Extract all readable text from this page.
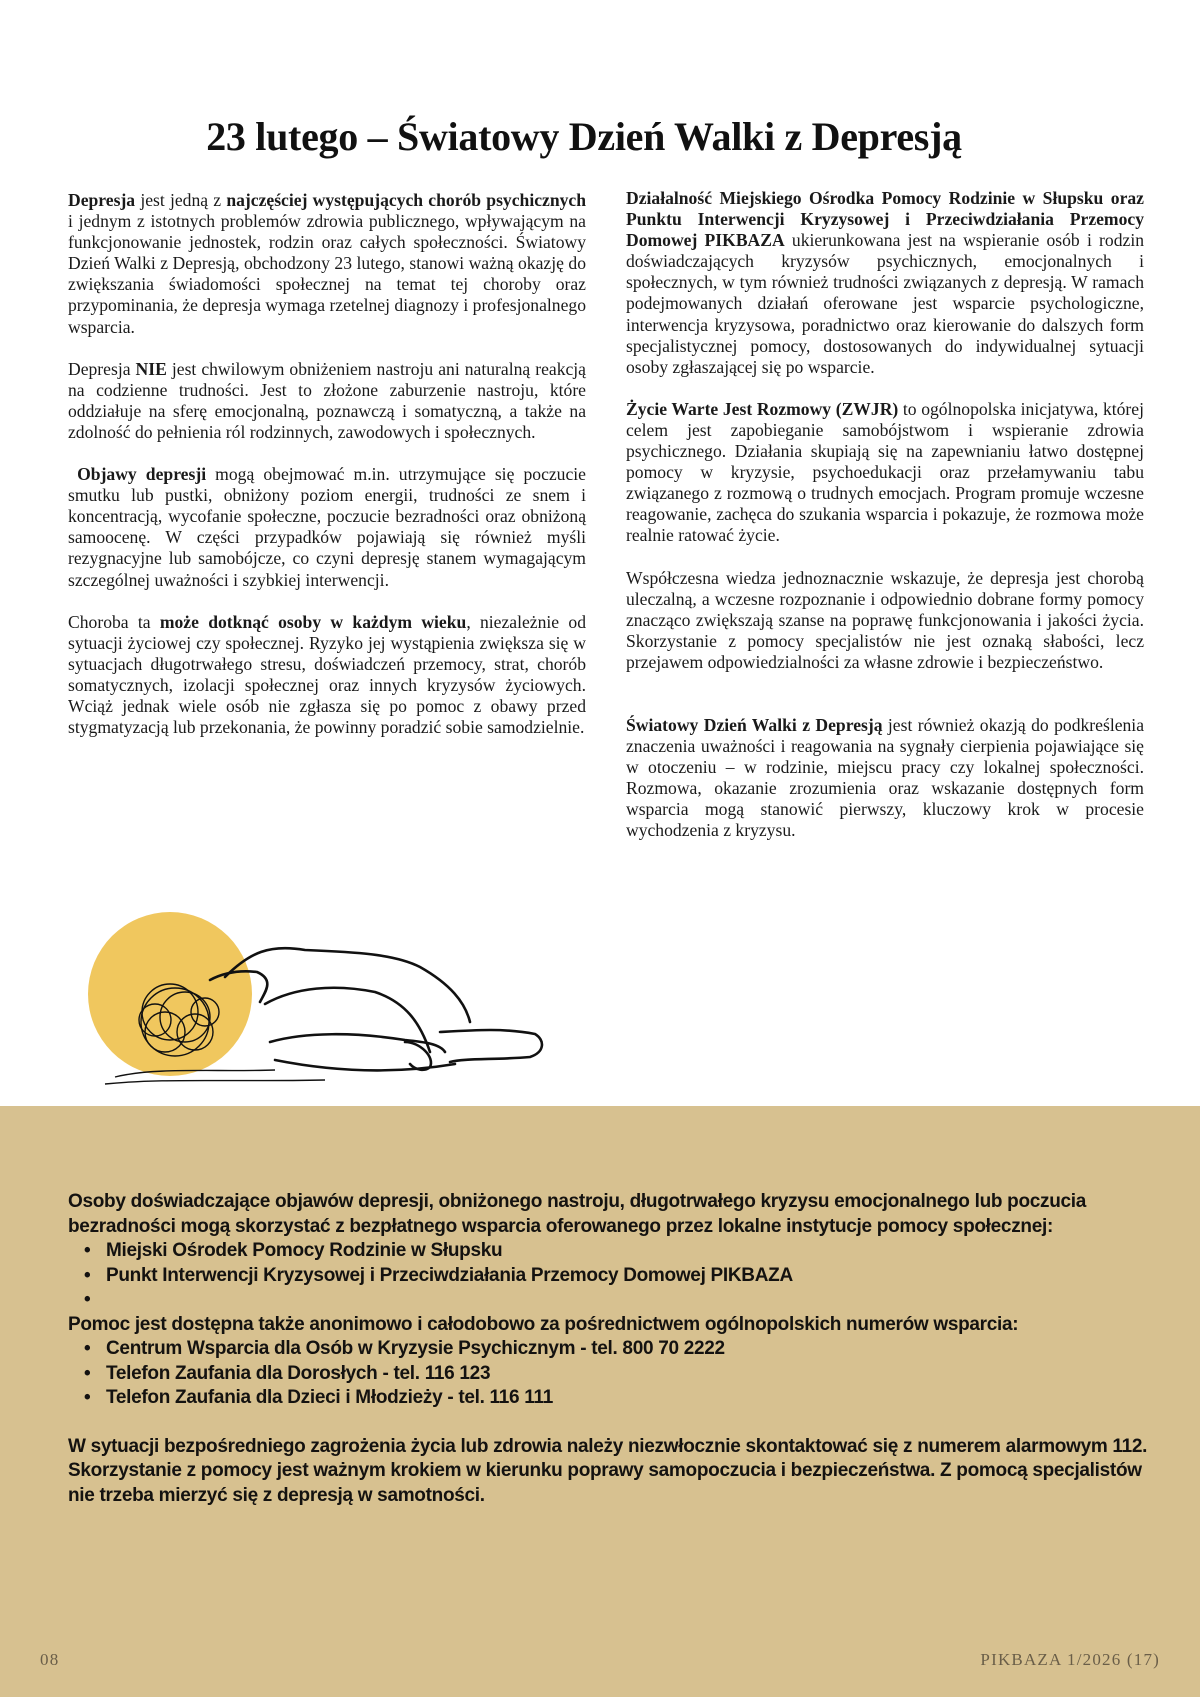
23 lutego – Światowy Dzień Walki z Depresją

Depresja jest jedną z najczęściej występujących chorób psychicznych i jednym z istotnych problemów zdrowia publicznego, wpływającym na funkcjonowanie jednostek, rodzin oraz całych społeczności. Światowy Dzień Walki z Depresją, obchodzony 23 lutego, stanowi ważną okazję do zwiększania świadomości społecznej na temat tej choroby oraz przypominania, że depresja wymaga rzetelnej diagnozy i profesjonalnego wsparcia.

Depresja NIE jest chwilowym obniżeniem nastroju ani naturalną reakcją na codzienne trudności. Jest to złożone zaburzenie nastroju, które oddziałuje na sferę emocjonalną, poznawczą i somatyczną, a także na zdolność do pełnienia ról rodzinnych, zawodowych i społecznych.

Objawy depresji mogą obejmować m.in. utrzymujące się poczucie smutku lub pustki, obniżony poziom energii, trudności ze snem i koncentracją, wycofanie społeczne, poczucie bezradności oraz obniżoną samoocenę. W części przypadków pojawiają się również myśli rezygnacyjne lub samobójcze, co czyni depresję stanem wymagającym szczególnej uważności i szybkiej interwencji.

Choroba ta może dotknąć osoby w każdym wieku, niezależnie od sytuacji życiowej czy społecznej. Ryzyko jej wystąpienia zwiększa się w sytuacjach długotrwałego stresu, doświadczeń przemocy, strat, chorób somatycznych, izolacji społecznej oraz innych kryzysów życiowych. Wciąż jednak wiele osób nie zgłasza się po pomoc z obawy przed stygmatyzacją lub przekonania, że powinny poradzić sobie samodzielnie.

Działalność Miejskiego Ośrodka Pomocy Rodzinie w Słupsku oraz Punktu Interwencji Kryzysowej i Przeciwdziałania Przemocy Domowej PIKBAZA ukierunkowana jest na wspieranie osób i rodzin doświadczających kryzysów psychicznych, emocjonalnych i społecznych, w tym również trudności związanych z depresją. W ramach podejmowanych działań oferowane jest wsparcie psychologiczne, interwencja kryzysowa, poradnictwo oraz kierowanie do dalszych form specjalistycznej pomocy, dostosowanych do indywidualnej sytuacji osoby zgłaszającej się po wsparcie.

Życie Warte Jest Rozmowy (ZWJR) to ogólnopolska inicjatywa, której celem jest zapobieganie samobójstwom i wspieranie zdrowia psychicznego. Działania skupiają się na zapewnianiu łatwo dostępnej pomocy w kryzysie, psychoedukacji oraz przełamywaniu tabu związanego z rozmową o trudnych emocjach. Program promuje wczesne reagowanie, zachęca do szukania wsparcia i pokazuje, że rozmowa może realnie ratować życie.

Współczesna wiedza jednoznacznie wskazuje, że depresja jest chorobą uleczalną, a wczesne rozpoznanie i odpowiednio dobrane formy pomocy znacząco zwiększają szanse na poprawę funkcjonowania i jakości życia. Skorzystanie z pomocy specjalistów nie jest oznaką słabości, lecz przejawem odpowiedzialności za własne zdrowie i bezpieczeństwo.

Światowy Dzień Walki z Depresją jest również okazją do podkreślenia znaczenia uważności i reagowania na sygnały cierpienia pojawiające się w otoczeniu – w rodzinie, miejscu pracy czy lokalnej społeczności. Rozmowa, okazanie zrozumienia oraz wskazanie dostępnych form wsparcia mogą stanowić pierwszy, kluczowy krok w procesie wychodzenia z kryzysu.

Osoby doświadczające objawów depresji, obniżonego nastroju, długotrwałego kryzysu emocjonalnego lub poczucia bezradności mogą skorzystać z bezpłatnego wsparcia oferowanego przez lokalne instytucje pomocy społecznej:

• Miejski Ośrodek Pomocy Rodzinie w Słupsku
• Punkt Interwencji Kryzysowej i Przeciwdziałania Przemocy Domowej PIKBAZA
•

Pomoc jest dostępna także anonimowo i całodobowo za pośrednictwem ogólnopolskich numerów wsparcia:

• Centrum Wsparcia dla Osób w Kryzysie Psychicznym - tel. 800 70 2222
• Telefon Zaufania dla Dorosłych - tel. 116 123
• Telefon Zaufania dla Dzieci i Młodzieży - tel. 116 111

W sytuacji bezpośredniego zagrożenia życia lub zdrowia należy niezwłocznie skontaktować się z numerem alarmowym 112.

Skorzystanie z pomocy jest ważnym krokiem w kierunku poprawy samopoczucia i bezpieczeństwa. Z pomocą specjalistów nie trzeba mierzyć się z depresją w samotności.

08	PIKBAZA 1/2026 (17)
